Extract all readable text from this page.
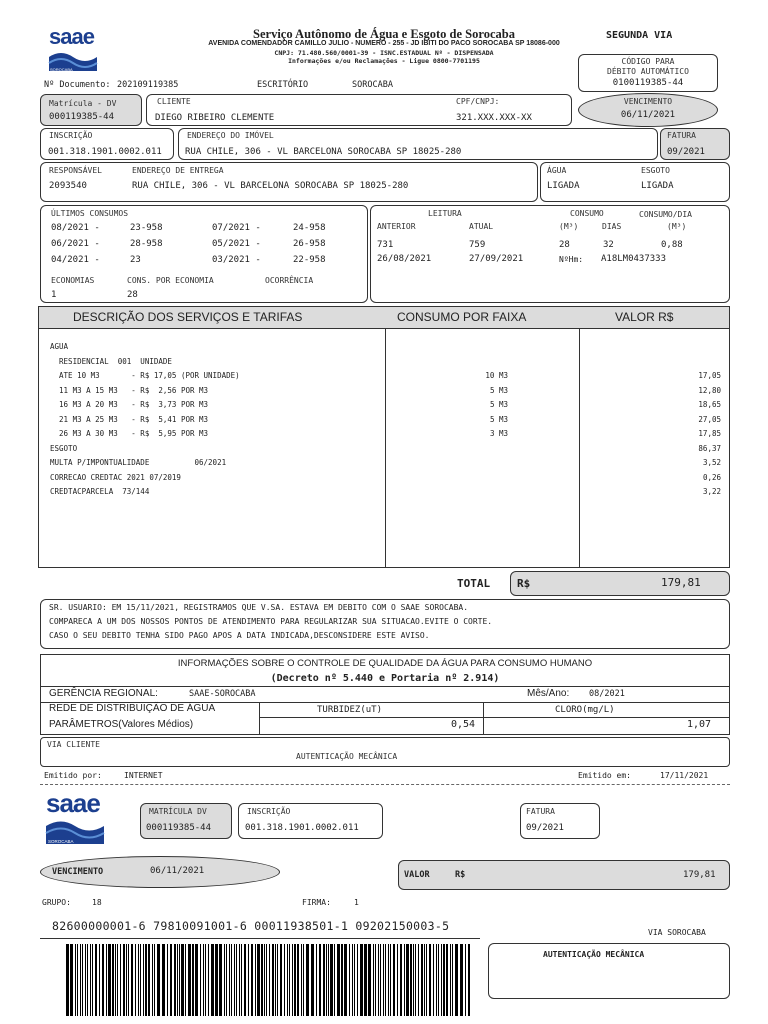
saae
SOROCABA
Serviço Autônomo de Água e Esgoto de Sorocaba
AVENIDA COMENDADOR CAMILLO JULIO - NUMERO - 255 - JD IBITI DO PACO SOROCABA SP 18086-000
CNPJ: 71.480.560/0001-39 - ISNC.ESTADUAL Nº - DISPENSADA
Informações e/ou Reclamações - Ligue 0800-7701195
SEGUNDA VIA
CÓDIGO PARA
DÉBITO AUTOMÁTICO
0100119385-44
Nº Documento: 202109119385	ESCRITÓRIO	SOROCABA
Matrícula - DV
000119385-44
CLIENTE
DIEGO RIBEIRO CLEMENTE
CPF/CNPJ:
321.XXX.XXX-XX
VENCIMENTO
06/11/2021
INSCRIÇÃO
001.318.1901.0002.011
ENDEREÇO DO IMÓVEL
RUA CHILE, 306 - VL BARCELONA SOROCABA SP 18025-280
FATURA
09/2021
RESPONSÁVEL	ENDEREÇO DE ENTREGA
2093540	RUA CHILE, 306 - VL BARCELONA SOROCABA SP 18025-280
ÁGUA	ESGOTO
LIGADA	LIGADA
ÚLTIMOS CONSUMOS
08/2021 -	23-958	07/2021 -	24-958
06/2021 -	28-958	05/2021 -	26-958
04/2021 -	23	03/2021 -	22-958
ECONOMIAS	CONS. POR ECONOMIA	OCORRÊNCIA
1	28
LEITURA	CONSUMO	CONSUMO/DIA
ANTERIOR	ATUAL	(M³)	DIAS	(M³)
731	759	28	32	0,88
26/08/2021	27/09/2021	NºHm: A18LM0437333
DESCRIÇÃO DOS SERVIÇOS E TARIFAS	CONSUMO POR FAIXA	VALOR R$
AGUA
RESIDENCIAL  001  UNIDADE
ATE 10 M3       - R$ 17,05 (POR UNIDADE)	10 M3	17,05
11 M3 A 15 M3   - R$  2,56 POR M3	5 M3	12,80
16 M3 A 20 M3   - R$  3,73 POR M3	5 M3	18,65
21 M3 A 25 M3   - R$  5,41 POR M3	5 M3	27,05
26 M3 A 30 M3   - R$  5,95 POR M3	3 M3	17,85
ESGOTO	86,37
MULTA P/IMPONTUALIDADE          06/2021	3,52
CORRECAO CREDTAC 2021 07/2019	0,26
CREDTACPARCELA  73/144	3,22
TOTAL R$	179,81
SR. USUARIO: EM 15/11/2021, REGISTRAMOS QUE V.SA. ESTAVA EM DEBITO COM O SAAE SOROCABA.
COMPARECA A UM DOS NOSSOS PONTOS DE ATENDIMENTO PARA REGULARIZAR SUA SITUACAO.EVITE O CORTE.
CASO O SEU DEBITO TENHA SIDO PAGO APOS A DATA INDICADA,DESCONSIDERE ESTE AVISO.
INFORMAÇÕES SOBRE O CONTROLE DE QUALIDADE DA ÁGUA PARA CONSUMO HUMANO
(Decreto nº 5.440 e Portaria nº 2.914)
GERÊNCIA REGIONAL:	SAAE-SOROCABA	Mês/Ano: 08/2021
REDE DE DISTRIBUIÇÃO DE ÁGUA
PARÂMETROS(Valores Médios)
TURBIDEZ(uT)	CLORO(mg/L)
0,54	1,07
VIA CLIENTE
AUTENTICAÇÃO MECÂNICA
Emitido por:	INTERNET	Emitido em:	17/11/2021
saae
SOROCABA
MATRÍCULA DV
000119385-44
INSCRIÇÃO
001.318.1901.0002.011
FATURA
09/2021
VENCIMENTO	06/11/2021	VALOR	R$	179,81
GRUPO:	18	FIRMA:	1
82600000001-6 79810091001-6 00011938501-1 09202150003-5	VIA SOROCABA
AUTENTICAÇÃO MECÂNICA
